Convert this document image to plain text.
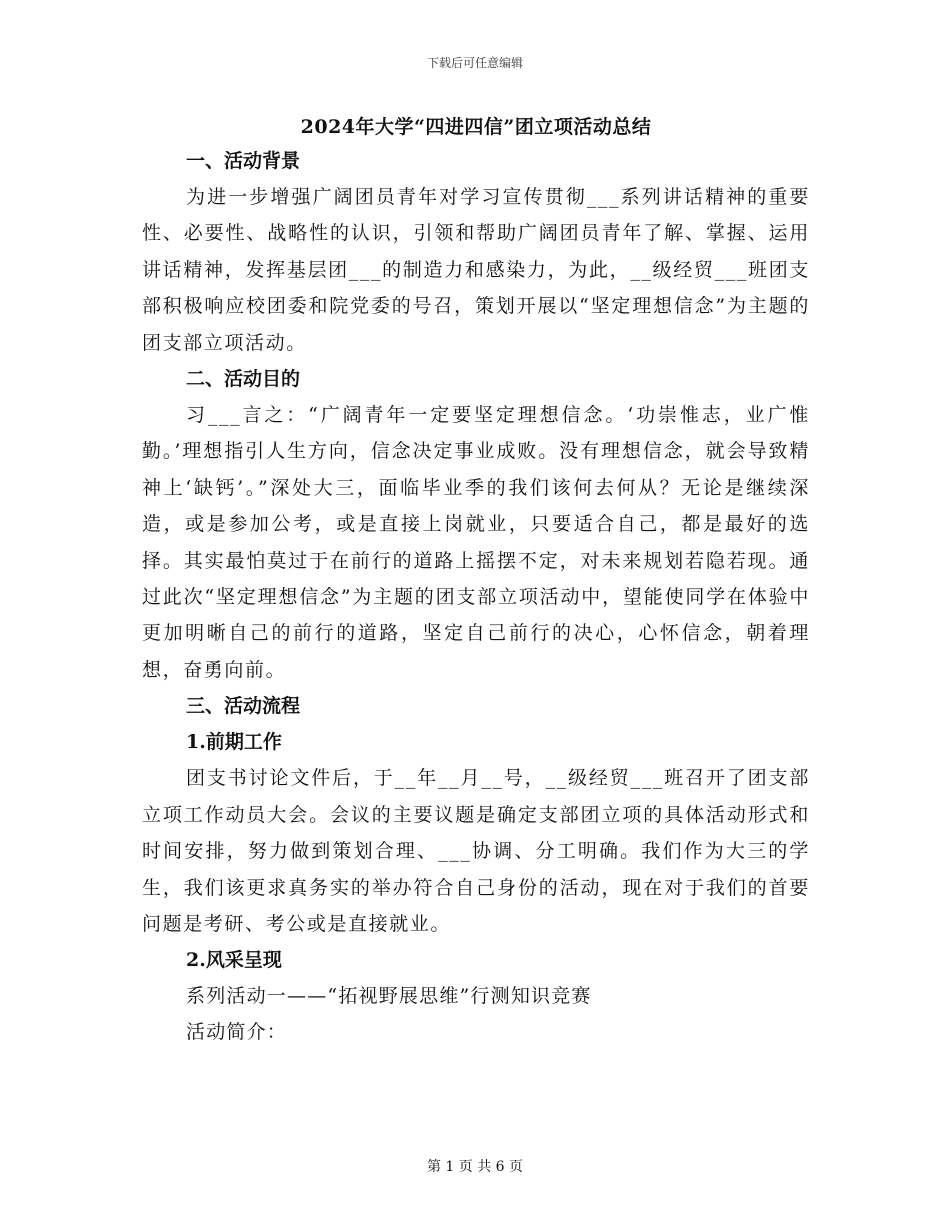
下载后可任意编辑
2024年大学“四进四信”团立项活动总结
一、活动背景

为进一步增强广阔团员青年对学习宣传贯彻___系列讲话精神的重要性、必要性、战略性的认识，引领和帮助广阔团员青年了解、掌握、运用讲话精神，发挥基层团___的制造力和感染力，为此，__级经贸___班团支部积极响应校团委和院党委的号召，策划开展以“坚定理想信念”为主题的团支部立项活动。

二、活动目的

习___言之：“广阔青年一定要坚定理想信念。‘功崇惟志，业广惟勤。’理想指引人生方向，信念决定事业成败。没有理想信念，就会导致精神上‘缺钙’。”深处大三，面临毕业季的我们该何去何从？无论是继续深造，或是参加公考，或是直接上岗就业，只要适合自己，都是最好的选择。其实最怕莫过于在前行的道路上摇摆不定，对未来规划若隐若现。通过此次“坚定理想信念”为主题的团支部立项活动中，望能使同学在体验中更加明晰自己的前行的道路，坚定自己前行的决心，心怀信念，朝着理想，奋勇向前。

三、活动流程
1.前期工作

团支书讨论文件后，于__年__月__号，__级经贸___班召开了团支部立项工作动员大会。会议的主要议题是确定支部团立项的具体活动形式和时间安排，努力做到策划合理、___协调、分工明确。我们作为大三的学生，我们该更求真务实的举办符合自己身份的活动，现在对于我们的首要问题是考研、考公或是直接就业。

2.风采呈现
系列活动一——“拓视野展思维”行测知识竞赛
活动简介：
第 1 页 共 6 页
